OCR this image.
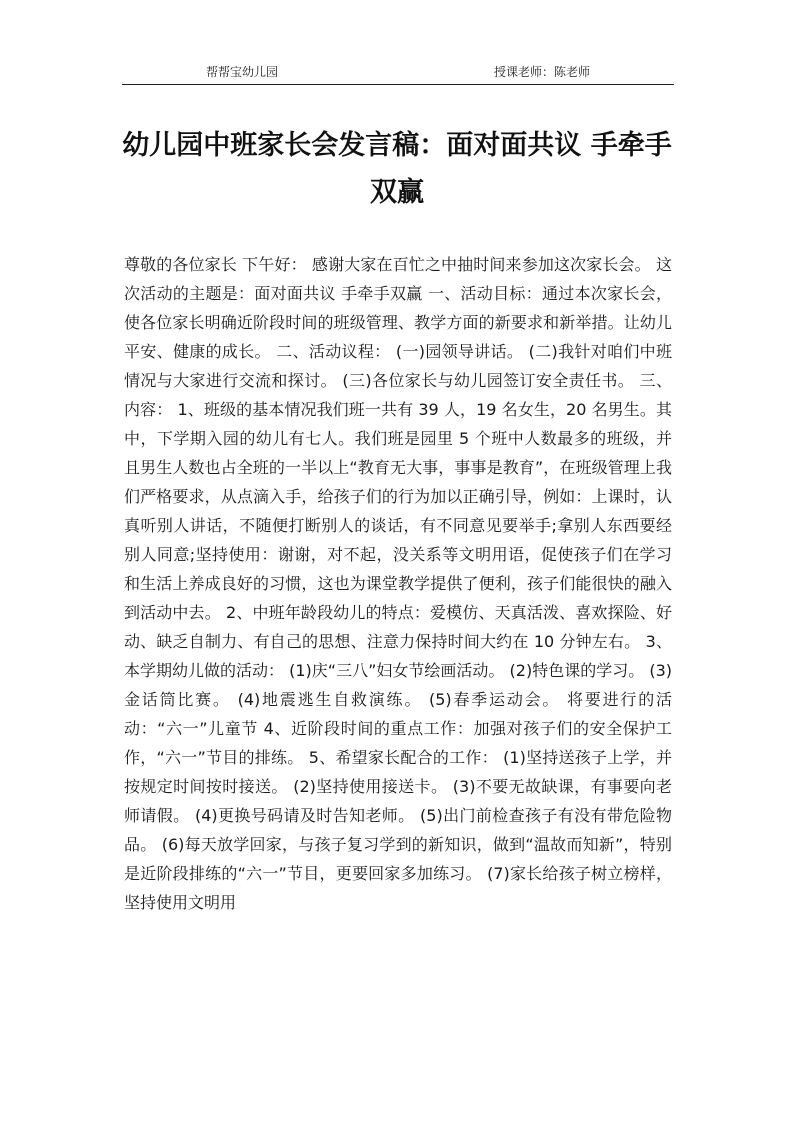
帮帮宝幼儿园	授课老师：陈老师
幼儿园中班家长会发言稿：面对面共议 手牵手双赢

尊敬的各位家长 下午好： 感谢大家在百忙之中抽时间来参加这次家长会。 这次活动的主题是：面对面共议 手牵手双赢 一、活动目标：通过本次家长会，使各位家长明确近阶段时间的班级管理、教学方面的新要求和新举措。让幼儿平安、健康的成长。 二、活动议程： (一)园领导讲话。 (二)我针对咱们中班情况与大家进行交流和探讨。 (三)各位家长与幼儿园签订安全责任书。 三、内容： 1、班级的基本情况我们班一共有 39 人，19 名女生，20 名男生。其中，下学期入园的幼儿有七人。我们班是园里 5 个班中人数最多的班级，并且男生人数也占全班的一半以上“教育无大事，事事是教育”，在班级管理上我们严格要求，从点滴入手，给孩子们的行为加以正确引导，例如：上课时，认真听别人讲话，不随便打断别人的谈话，有不同意见要举手;拿别人东西要经别人同意;坚持使用：谢谢，对不起，没关系等文明用语，促使孩子们在学习和生活上养成良好的习惯，这也为课堂教学提供了便利，孩子们能很快的融入到活动中去。 2、中班年龄段幼儿的特点：爱模仿、天真活泼、喜欢探险、好动、缺乏自制力、有自己的思想、注意力保持时间大约在 10 分钟左右。 3、本学期幼儿做的活动： (1)庆“三八”妇女节绘画活动。 (2)特色课的学习。 (3)金话筒比赛。 (4)地震逃生自救演练。 (5)春季运动会。 将要进行的活动：“六一”儿童节 4、近阶段时间的重点工作：加强对孩子们的安全保护工作，“六一”节目的排练。 5、希望家长配合的工作： (1)坚持送孩子上学，并按规定时间按时接送。 (2)坚持使用接送卡。 (3)不要无故缺课，有事要向老师请假。 (4)更换号码请及时告知老师。 (5)出门前检查孩子有没有带危险物品。 (6)每天放学回家，与孩子复习学到的新知识，做到“温故而知新”，特别是近阶段排练的“六一”节目，更要回家多加练习。 (7)家长给孩子树立榜样，坚持使用文明用
